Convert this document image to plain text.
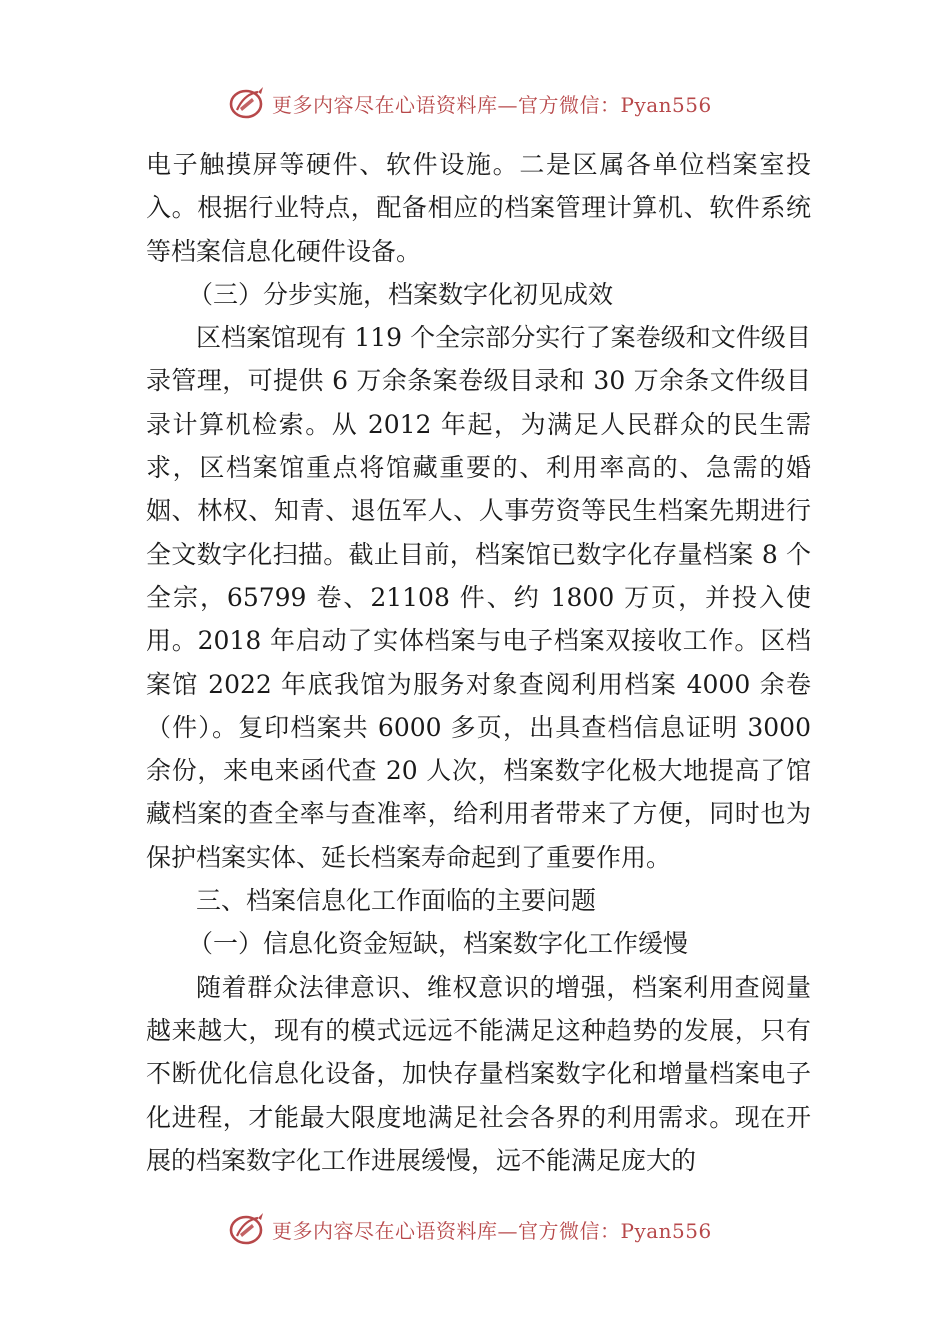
更多内容尽在心语资料库—官方微信：Pyan556

电子触摸屏等硬件、软件设施。二是区属各单位档案室投入。根据行业特点，配备相应的档案管理计算机、软件系统等档案信息化硬件设备。

（三）分步实施，档案数字化初见成效

区档案馆现有 119 个全宗部分实行了案卷级和文件级目录管理，可提供 6 万余条案卷级目录和 30 万余条文件级目录计算机检索。从 2012 年起，为满足人民群众的民生需求，区档案馆重点将馆藏重要的、利用率高的、急需的婚姻、林权、知青、退伍军人、人事劳资等民生档案先期进行全文数字化扫描。截止目前，档案馆已数字化存量档案 8 个全宗，65799 卷、21108 件、约 1800 万页，并投入使用。2018 年启动了实体档案与电子档案双接收工作。区档案馆 2022 年底我馆为服务对象查阅利用档案 4000 余卷（件）。复印档案共 6000 多页，出具查档信息证明 3000 余份，来电来函代查 20 人次，档案数字化极大地提高了馆藏档案的查全率与查准率，给利用者带来了方便，同时也为保护档案实体、延长档案寿命起到了重要作用。

三、档案信息化工作面临的主要问题

（一）信息化资金短缺，档案数字化工作缓慢

随着群众法律意识、维权意识的增强，档案利用查阅量越来越大，现有的模式远远不能满足这种趋势的发展，只有不断优化信息化设备，加快存量档案数字化和增量档案电子化进程，才能最大限度地满足社会各界的利用需求。现在开展的档案数字化工作进展缓慢，远不能满足庞大的

更多内容尽在心语资料库—官方微信：Pyan556
